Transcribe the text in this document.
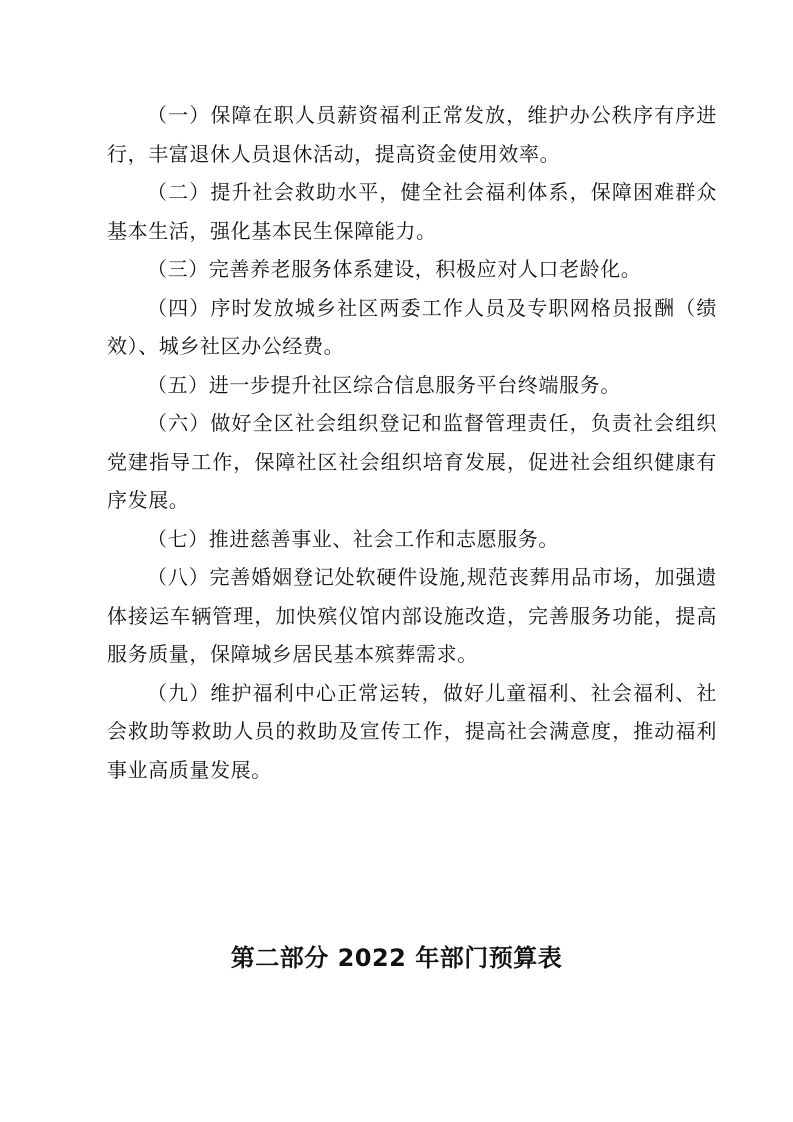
（一）保障在职人员薪资福利正常发放，维护办公秩序有序进行，丰富退休人员退休活动，提高资金使用效率。

（二）提升社会救助水平，健全社会福利体系，保障困难群众基本生活，强化基本民生保障能力。

（三）完善养老服务体系建设，积极应对人口老龄化。

（四）序时发放城乡社区两委工作人员及专职网格员报酬（绩效）、城乡社区办公经费。

（五）进一步提升社区综合信息服务平台终端服务。

（六）做好全区社会组织登记和监督管理责任，负责社会组织党建指导工作，保障社区社会组织培育发展，促进社会组织健康有序发展。

（七）推进慈善事业、社会工作和志愿服务。

（八）完善婚姻登记处软硬件设施,规范丧葬用品市场，加强遗体接运车辆管理，加快殡仪馆内部设施改造，完善服务功能，提高服务质量，保障城乡居民基本殡葬需求。

（九）维护福利中心正常运转，做好儿童福利、社会福利、社会救助等救助人员的救助及宣传工作，提高社会满意度，推动福利事业高质量发展。

第二部分 2022 年部门预算表
